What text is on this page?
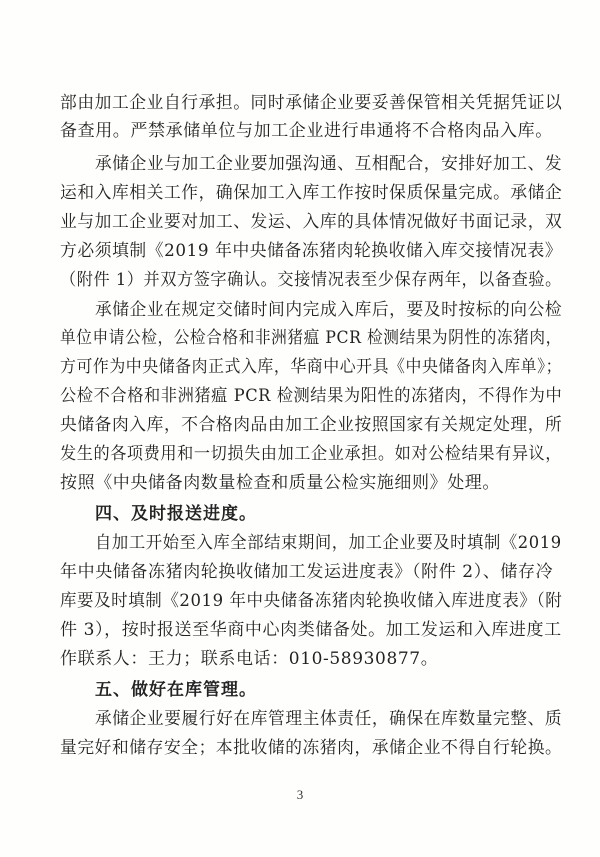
部由加工企业自行承担。同时承储企业要妥善保管相关凭据凭证以
备查用。严禁承储单位与加工企业进行串通将不合格肉品入库。
承储企业与加工企业要加强沟通、互相配合，安排好加工、发
运和入库相关工作，确保加工入库工作按时保质保量完成。承储企
业与加工企业要对加工、发运、入库的具体情况做好书面记录，双
方必须填制《2019 年中央储备冻猪肉轮换收储入库交接情况表》
（附件 1）并双方签字确认。交接情况表至少保存两年，以备查验。
承储企业在规定交储时间内完成入库后，要及时按标的向公检
单位申请公检，公检合格和非洲猪瘟 PCR 检测结果为阴性的冻猪肉，
方可作为中央储备肉正式入库，华商中心开具《中央储备肉入库单》；
公检不合格和非洲猪瘟 PCR 检测结果为阳性的冻猪肉，不得作为中
央储备肉入库，不合格肉品由加工企业按照国家有关规定处理，所
发生的各项费用和一切损失由加工企业承担。如对公检结果有异议，
按照《中央储备肉数量检查和质量公检实施细则》处理。
四、及时报送进度。
自加工开始至入库全部结束期间，加工企业要及时填制《2019
年中央储备冻猪肉轮换收储加工发运进度表》（附件 2）、储存冷
库要及时填制《2019 年中央储备冻猪肉轮换收储入库进度表》（附
件 3），按时报送至华商中心肉类储备处。加工发运和入库进度工
作联系人：王力；联系电话：010-58930877。
五、做好在库管理。
承储企业要履行好在库管理主体责任，确保在库数量完整、质
量完好和储存安全；本批收储的冻猪肉，承储企业不得自行轮换。
3
